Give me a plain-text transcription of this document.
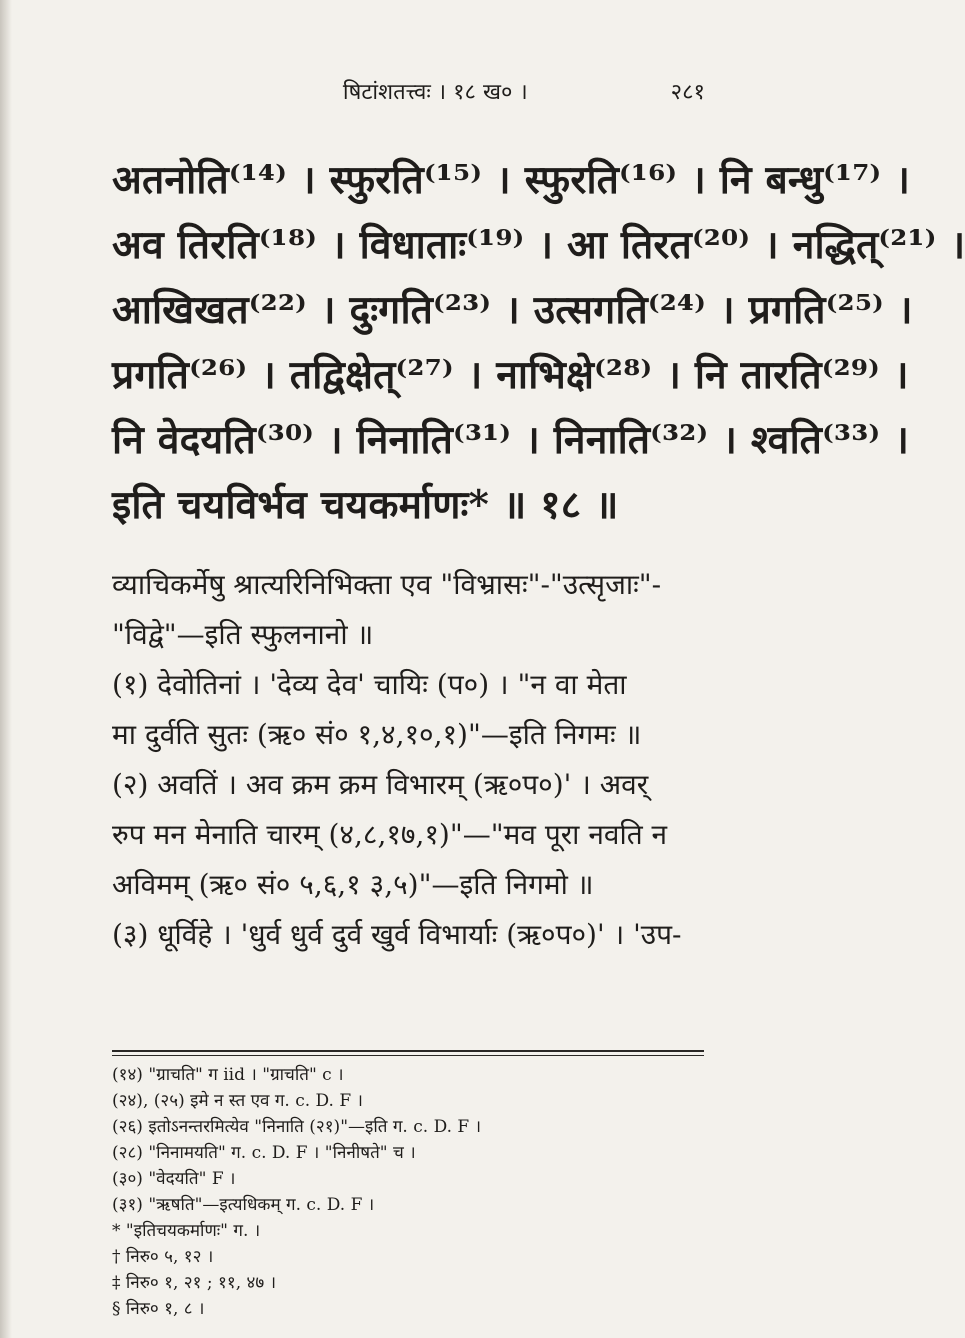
षिटांशतत्त्वः । १८ ख० ।	२८१
अतनोति⁽¹⁴⁾ । स्फुरति⁽¹⁵⁾ । स्फुरति⁽¹⁶⁾ । नि बन्धु⁽¹⁷⁾ ।
अव तिरति⁽¹⁸⁾ । विधाताः⁽¹⁹⁾ । आ तिरत⁽²⁰⁾ । नद्धित्⁽²¹⁾ ।
आखिखत⁽²²⁾ । दुःगति⁽²³⁾ । उत्सगति⁽²⁴⁾ । प्रगति⁽²⁵⁾ ।
प्रगति⁽²⁶⁾ । तद्विक्षेत्⁽²⁷⁾ । नाभिक्षे⁽²⁸⁾ । नि तारति⁽²⁹⁾ ।
नि वेदयति⁽³⁰⁾ । निनाति⁽³¹⁾ । निनाति⁽³²⁾ । श्वति⁽³³⁾ ।
इति चयविर्भव चयकर्माणः* ॥ १८ ॥
व्याचिकर्मेषु श्रात्यरिनिभिक्ता एव "विभ्रासः"-"उत्सृजाः"-
"विद्वे"—इति स्फुलनानो ॥
(१) देवोतिनां । 'देव्य देव' चायिः (प०) । "न वा मेता
मा दुर्वति सुतः (ऋ० सं० १,४,१०,१)"—इति निगमः ॥
(२) अवतिं । अव क्रम क्रम विभारम् (ऋ०प०)' । अवर्
रुप मन मेनाति चारम् (४,८,१७,१)"—"मव पूरा नवति न
अविमम् (ऋ० सं० ५,६,१ ३,५)"—इति निगमो ॥
(३) धूर्विहे । 'धुर्व धुर्व दुर्व खुर्व विभार्याः (ऋ०प०)' । 'उप-
(१४) "ग्राचति" ग iid । "ग्राचति" c ।
(२४), (२५) इमे न स्त एव ग. c. D. F ।
(२६) इतोऽनन्तरमित्येव "निनाति (२१)"—इति ग. c. D. F ।
(२८) "निनामयति" ग. c. D. F । "निनीषते" च ।
(३०) "वेदयति" F ।
(३१) "ऋषति"—इत्यधिकम् ग. c. D. F ।
* "इतिचयकर्माणः" ग. ।
† निरु० ५, १२ ।
‡ निरु० १, २१ ; ११, ४७ ।
§ निरु० १, ८ ।
